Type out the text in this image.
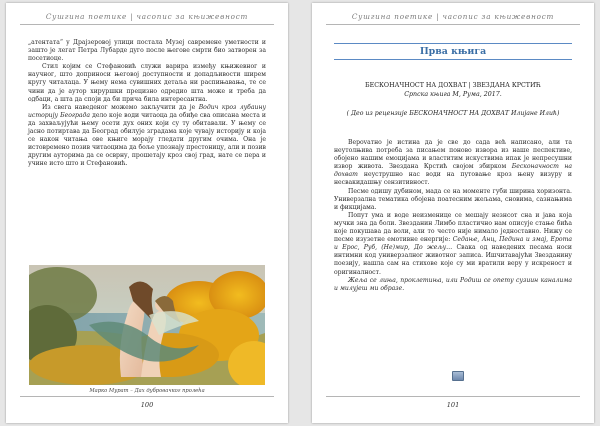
Сушгина поетике | часопис за књижевност

„атентата“ у Драјзеровој улици постала Музеј савремене уметности и зашто је легат Петра Лубарде дуго после његове смрти био затворен за посетиоце.

Стил којим се Стефановић служи варира између књижевног и научног, што доприноси његовој доступности и допадљивости ширем кругу читалаца. У њему нема сувишних детаља ни распињавања, те се чини да је аутор хируршки прецизно одредио шта може и треба да одбаци, а шта да споји да би прича била интересантна.

Из свега наведеног можемо закључити да је Водич кроз лубаину историју Београда дело које води читаоца да обиђе сва описана места и да захваљујући њему осети дух оних који су ту обитавали. У њему се јасно потиртава да Београд обилује зградама које чувају историју и која се након читања ове књиге морају гледати другим очима. Она је истовремено позив читаоцима да боље упознају престоницу, али и позив другим ауторима да се осврну, прошетају кроз свој град, нате се пера и учине исто што и Стефановић.

Марко Мурат – Дах дубровачког пролећа
100
Сушгина поетике | часопис за књижевност
Прва књига
БЕСКОНАЧНОСТ НА ДОХВАТ | ЗВЕЗДАНА КРСТИЋ
Српска књига М, Рума, 2017.
( Део из рецензије БЕСКОНАЧНОСТ НА ДОХВАТ Илијане Илић)

Верovатно је истина да је све до сада већ написано, али та неутолњива потреба за писањем поново извора из наше песпективе, обојено нашим емоцијама и властитим искуствима ипак је непресушни извор живота. Звездана Крстић својом збирком Бесконачност на дохват неуструшно нас води на путовање кроз њену визуру и несвакидашњу сензитивност.

Песме одишу дубином, мада се на моменте губи ширина хоризонта. Универзална тематика обојена поатесним жељама, сновима, сазнањима и фикцијама.

Попут ума и воде неизменице се мешају незнсот сна и јава која мучки зна да боли. Звезданин Лимбо пластично нам описује стање бића које покушава да воли, али то често није нимало једноставно. Нижу се песме изузетне емотивне енергије: Седање, Анц, Педина и змај, Ерота и Ерос, Руб, (Не)мир, До жељу… Свака од наведених песама носи интимни код универзалног животног записа. Ишчитавајући Звезданину поезију, нашла сам на стихове које су ми вратили веру у искреност и оригиналност.

Жељa се лињa, проклетиња, или Родиш се опету сузиин каналима и милујеш ми образе.

101
